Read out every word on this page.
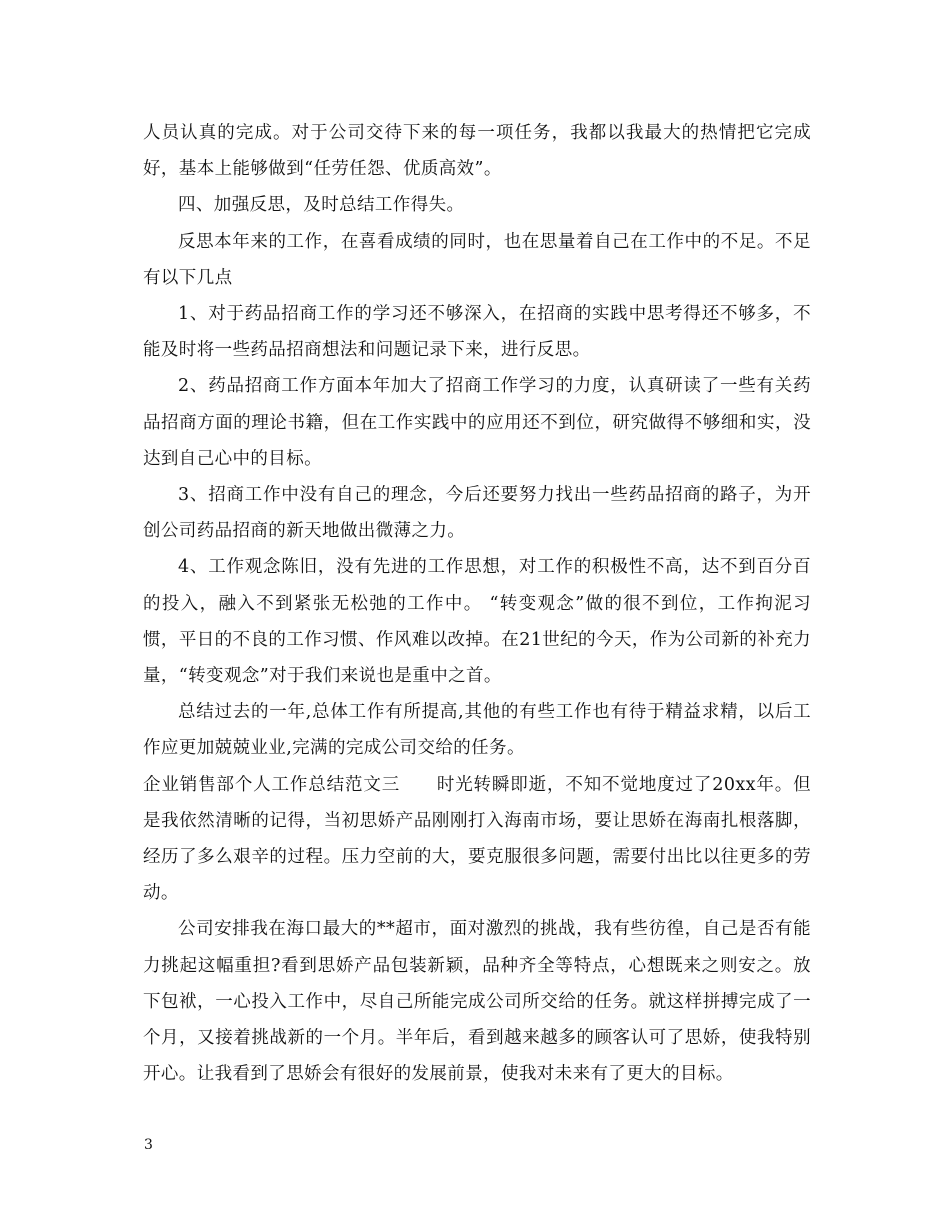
人员认真的完成。对于公司交待下来的每一项任务，我都以我最大的热情把它完成好，基本上能够做到“任劳任怨、优质高效”。

四、加强反思，及时总结工作得失。

反思本年来的工作，在喜看成绩的同时，也在思量着自己在工作中的不足。不足有以下几点

1、对于药品招商工作的学习还不够深入，在招商的实践中思考得还不够多，不能及时将一些药品招商想法和问题记录下来，进行反思。

2、药品招商工作方面本年加大了招商工作学习的力度，认真研读了一些有关药品招商方面的理论书籍，但在工作实践中的应用还不到位，研究做得不够细和实，没达到自己心中的目标。

3、招商工作中没有自己的理念，今后还要努力找出一些药品招商的路子，为开创公司药品招商的新天地做出微薄之力。

4、工作观念陈旧，没有先进的工作思想，对工作的积极性不高，达不到百分百的投入，融入不到紧张无松弛的工作中。 “转变观念”做的很不到位，工作拘泥习惯，平日的不良的工作习惯、作风难以改掉。在21世纪的今天，作为公司新的补充力量，“转变观念”对于我们来说也是重中之首。

总结过去的一年,总体工作有所提高,其他的有些工作也有待于精益求精，以后工作应更加兢兢业业,完满的完成公司交给的任务。

企业销售部个人工作总结范文三　　时光转瞬即逝，不知不觉地度过了20xx年。但是我依然清晰的记得，当初思娇产品刚刚打入海南市场，要让思娇在海南扎根落脚，经历了多么艰辛的过程。压力空前的大，要克服很多问题，需要付出比以往更多的劳动。

公司安排我在海口最大的**超市，面对激烈的挑战，我有些彷徨，自己是否有能力挑起这幅重担?看到思娇产品包装新颖，品种齐全等特点，心想既来之则安之。放下包袱，一心投入工作中，尽自己所能完成公司所交给的任务。就这样拼搏完成了一个月，又接着挑战新的一个月。半年后，看到越来越多的顾客认可了思娇，使我特别开心。让我看到了思娇会有很好的发展前景，使我对未来有了更大的目标。

3
